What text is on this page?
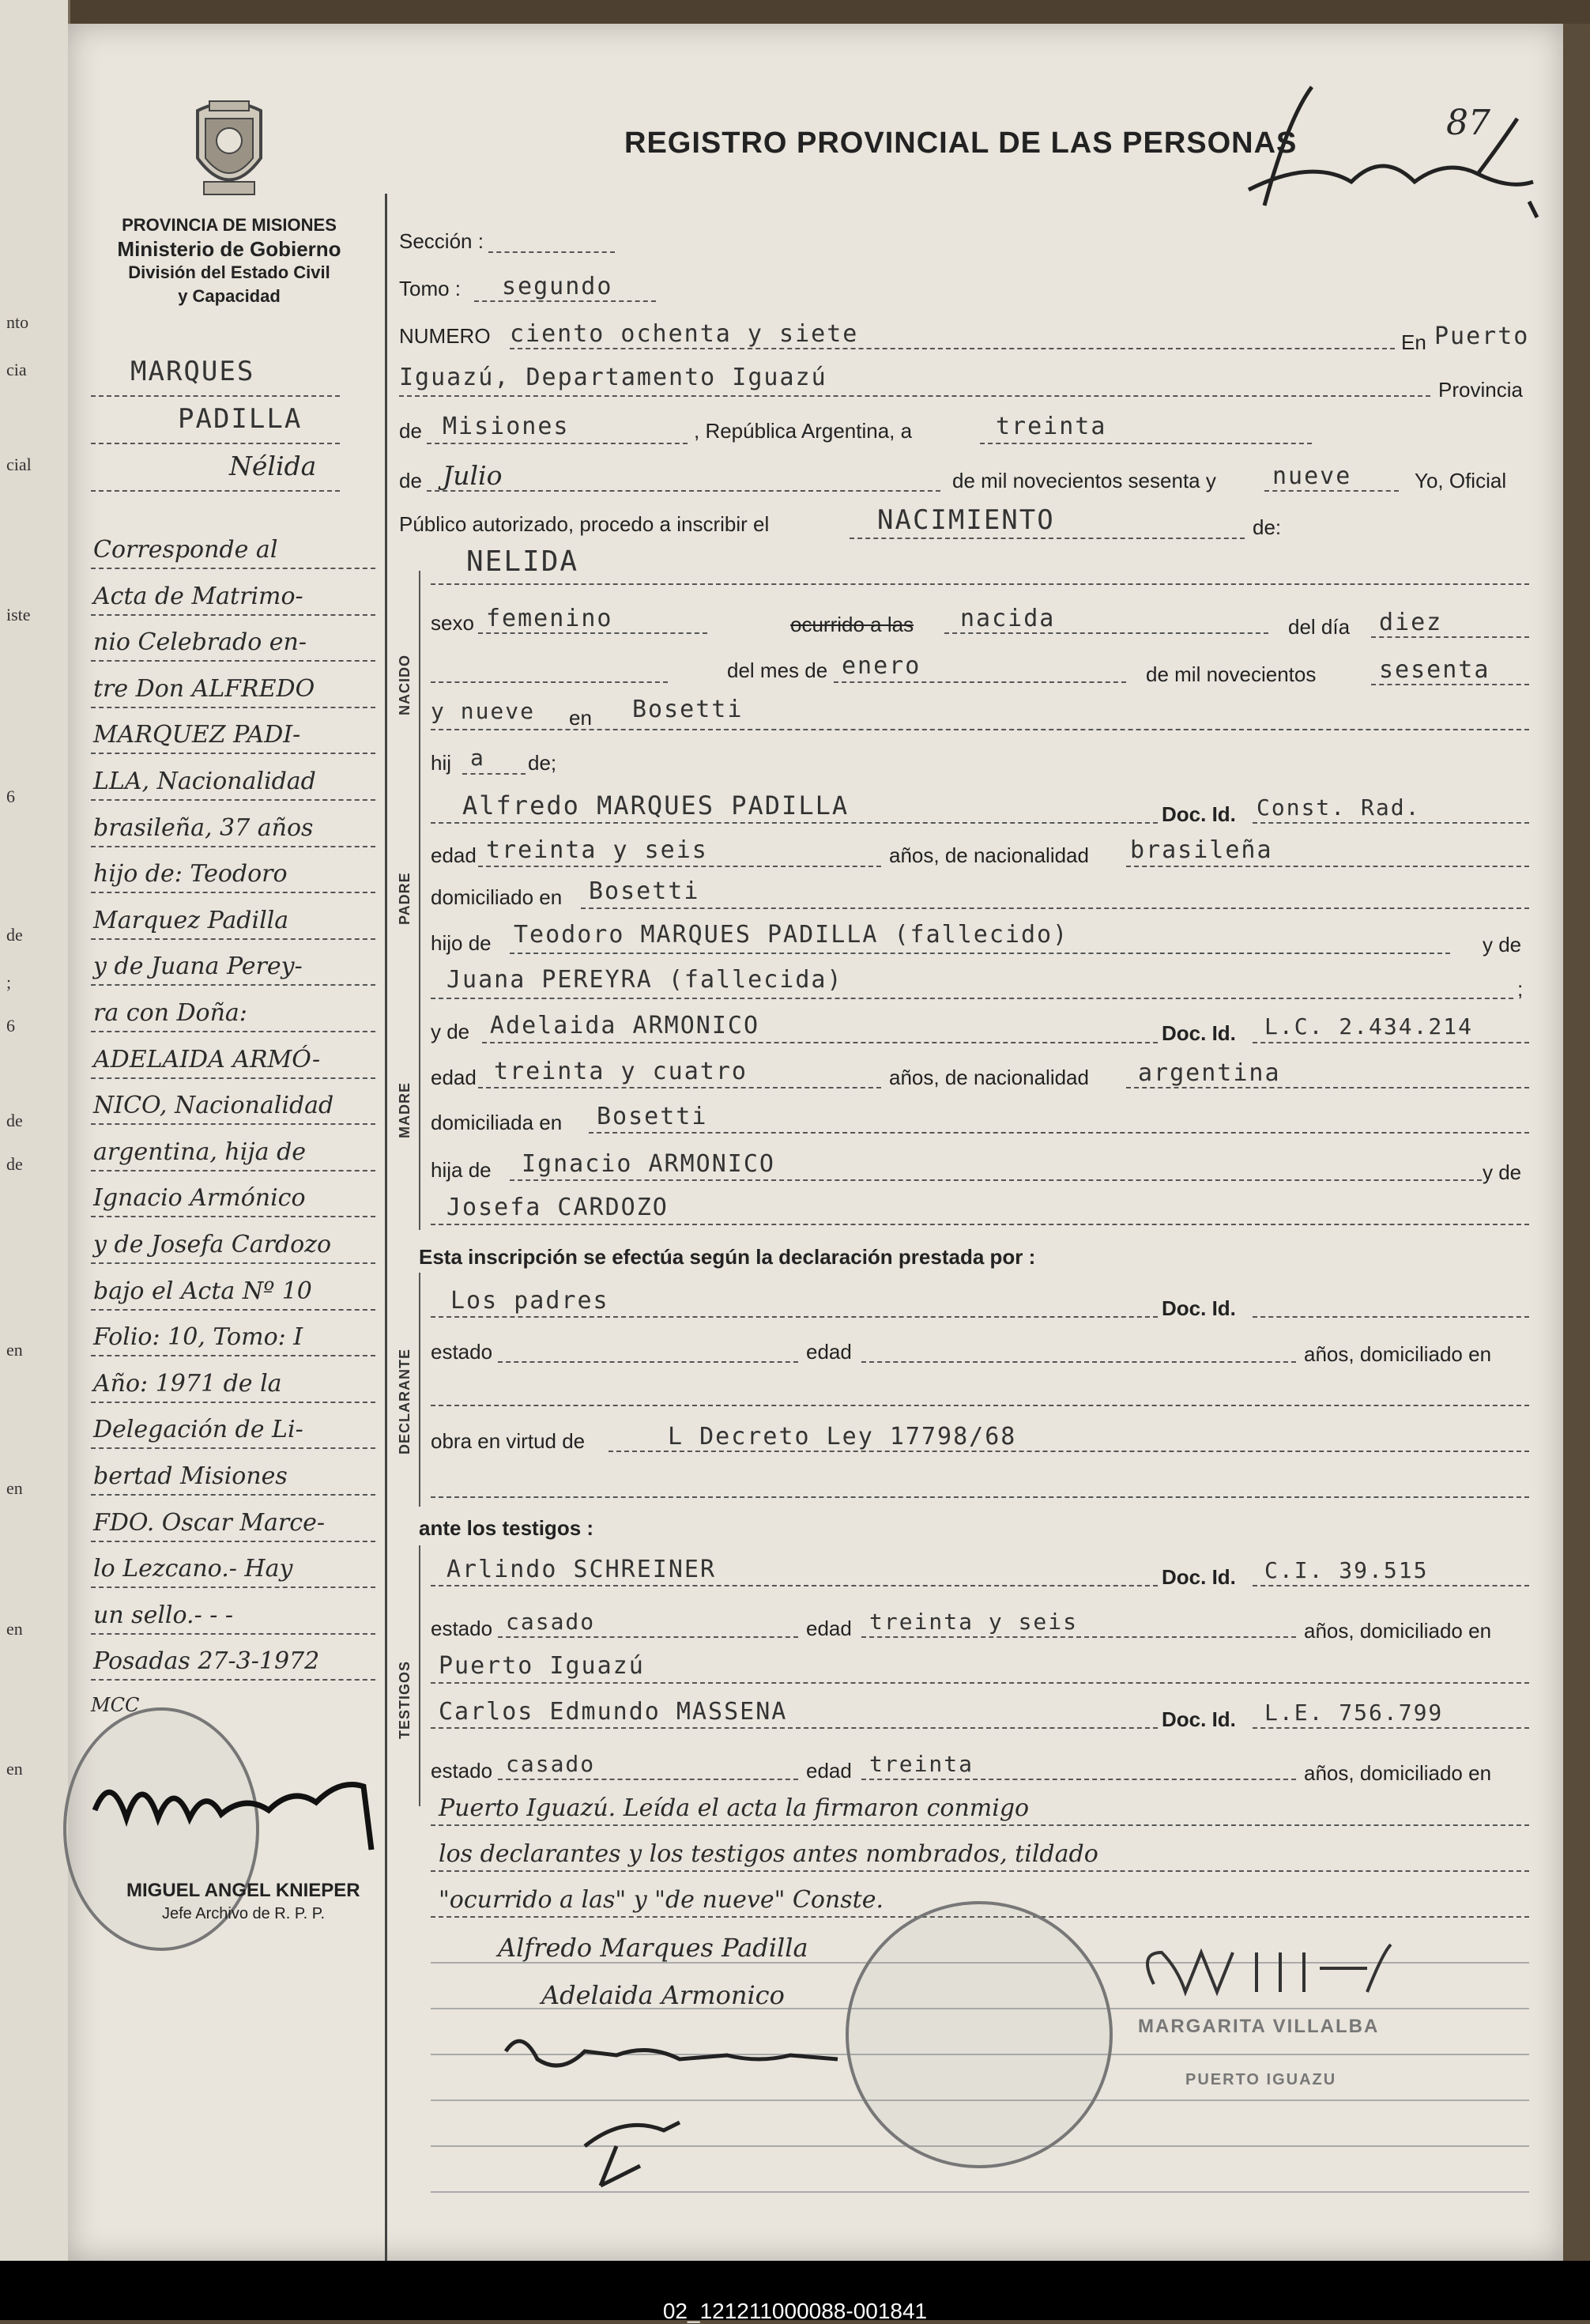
nto
cia
cial
iste
6
de
;
6
de
de
en
en
en
en
PROVINCIA DE MISIONES
Ministerio de Gobierno
División del Estado Civil
y Capacidad
REGISTRO PROVINCIAL DE LAS PERSONAS	87
MARQUES
PADILLA
Nélida
Corresponde al
Acta de Matrimo-
nio Celebrado en-
tre Don ALFREDO
MARQUEZ PADI-
LLA, Nacionalidad
brasileña, 37 años
hijo de: Teodoro
Marquez Padilla
y de Juana Perey-
ra con Doña:
ADELAIDA ARMÓ-
NICO, Nacionalidad
argentina, hija de
Ignacio Armónico
y de Josefa Cardozo
bajo el Acta Nº 10
Folio: 10, Tomo: I
Año: 1971 de la
Delegación de Li-
bertad Misiones
FDO. Oscar Marce-
lo Lezcano.- Hay
un sello.- - -
Posadas 27-3-1972
MCC
MIGUEL ANGEL KNIEPER
Jefe Archivo de R. P. P.
NACIDO
PADRE
MADRE
DECLARANTE
TESTIGOS
Sección :
Tomo : segundo
NUMERO ciento ochenta y siete	En Puerto
Iguazú, Departamento Iguazú	Provincia
de Misiones	, República Argentina, a	treinta
de Julio	de mil novecientos sesenta y nueve	Yo, Oficial
Público autorizado, procedo a inscribir el	NACIMIENTO	de:
NELIDA
sexo femenino	ocurrido a las nacida	del día diez
del mes de enero	de mil novecientos	sesenta
y nueve en Bosetti
hij a de;
Alfredo MARQUES PADILLA	Doc. Id. Const. Rad.
edad treinta y seis	años, de nacionalidad brasileña
domiciliado en Bosetti
hijo de Teodoro MARQUES PADILLA (fallecido)	y de
Juana PEREYRA (fallecida)	;
y de Adelaida ARMONICO	Doc. Id. L.C. 2.434.214
edad treinta y cuatro	años, de nacionalidad argentina
domiciliada en Bosetti
hija de Ignacio ARMONICO	y de
Josefa CARDOZO
Esta inscripción se efectúa según la declaración prestada por :
Los padres	Doc. Id.
estado	edad	años, domiciliado en
obra en virtud de	L Decreto Ley 17798/68
ante los testigos :
Arlindo SCHREINER	Doc. Id. C.I. 39.515
estado casado	edad treinta y seis	años, domiciliado en
Puerto Iguazú
Carlos Edmundo MASSENA	Doc. Id. L.E. 756.799
estado casado	edad treinta	años, domiciliado en
Puerto Iguazú. Leída el acta la firmaron conmigo
los declarantes y los testigos antes nombrados, tildado
"ocurrido a las" y "de nueve" Conste.
Alfredo Marques Padilla
Adelaida Armonico
MARGARITA VILLALBA
PUERTO IGUAZU
02_121211000088-001841
